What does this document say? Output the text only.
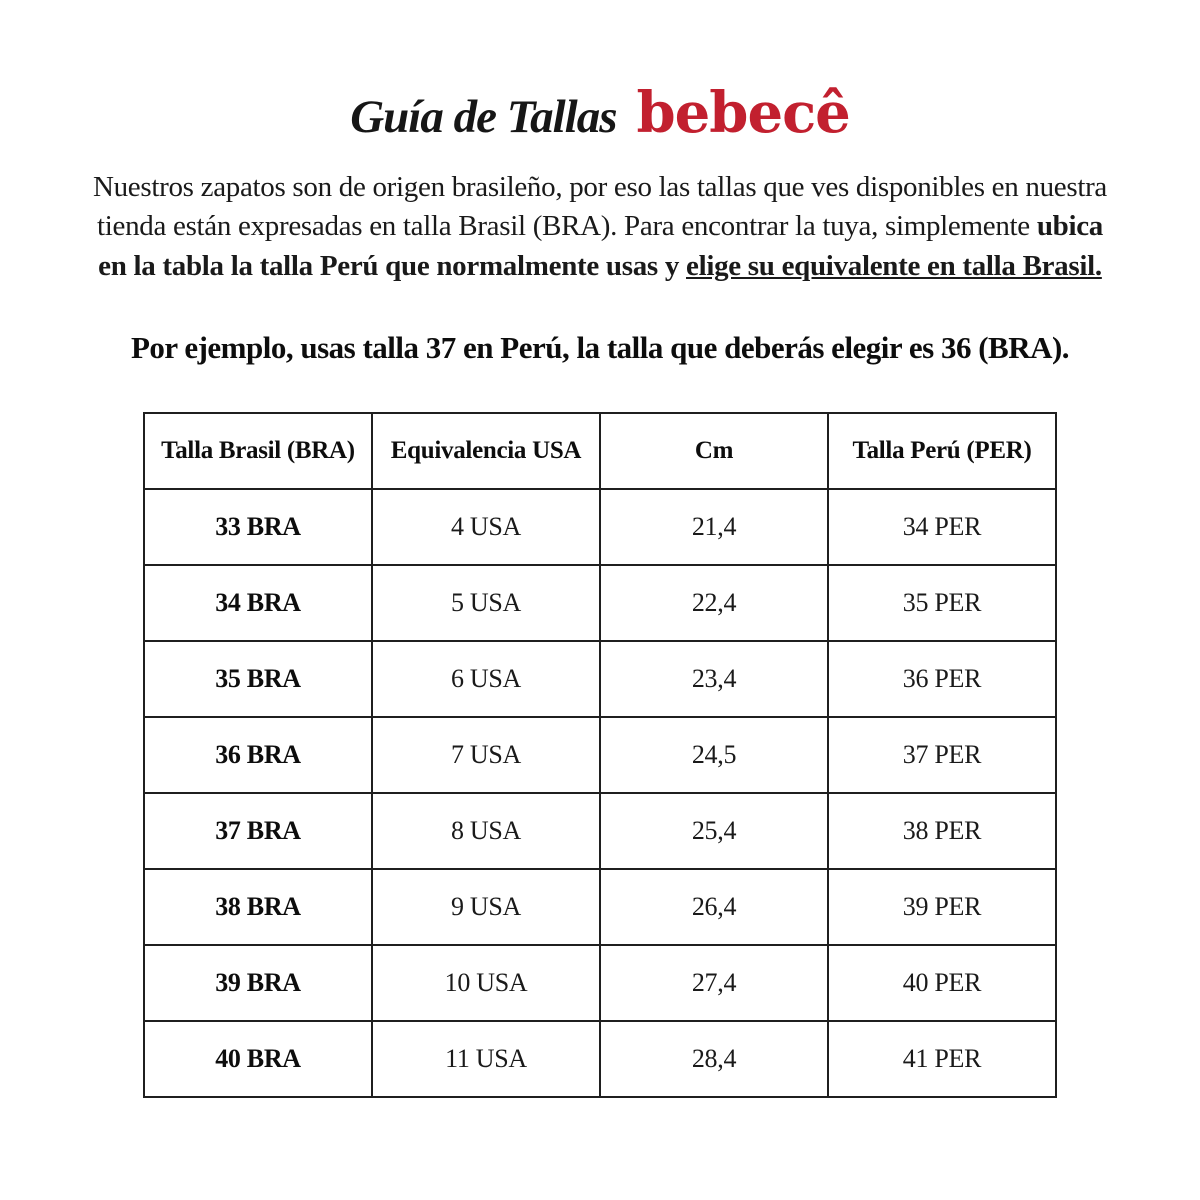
Guía de Tallas bebecê

Nuestros zapatos son de origen brasileño, por eso las tallas que ves disponibles en nuestra tienda están expresadas en talla Brasil (BRA). Para encontrar la tuya, simplemente ubica en la tabla la talla Perú que normalmente usas y elige su equivalente en talla Brasil.

Por ejemplo, usas talla 37 en Perú, la talla que deberás elegir es 36 (BRA).

Talla Brasil (BRA)	Equivalencia USA	Cm	Talla Perú (PER)
33 BRA	4 USA	21,4	34 PER
34 BRA	5 USA	22,4	35 PER
35 BRA	6 USA	23,4	36 PER
36 BRA	7 USA	24,5	37 PER
37 BRA	8 USA	25,4	38 PER
38 BRA	9 USA	26,4	39 PER
39 BRA	10 USA	27,4	40 PER
40 BRA	11 USA	28,4	41 PER
